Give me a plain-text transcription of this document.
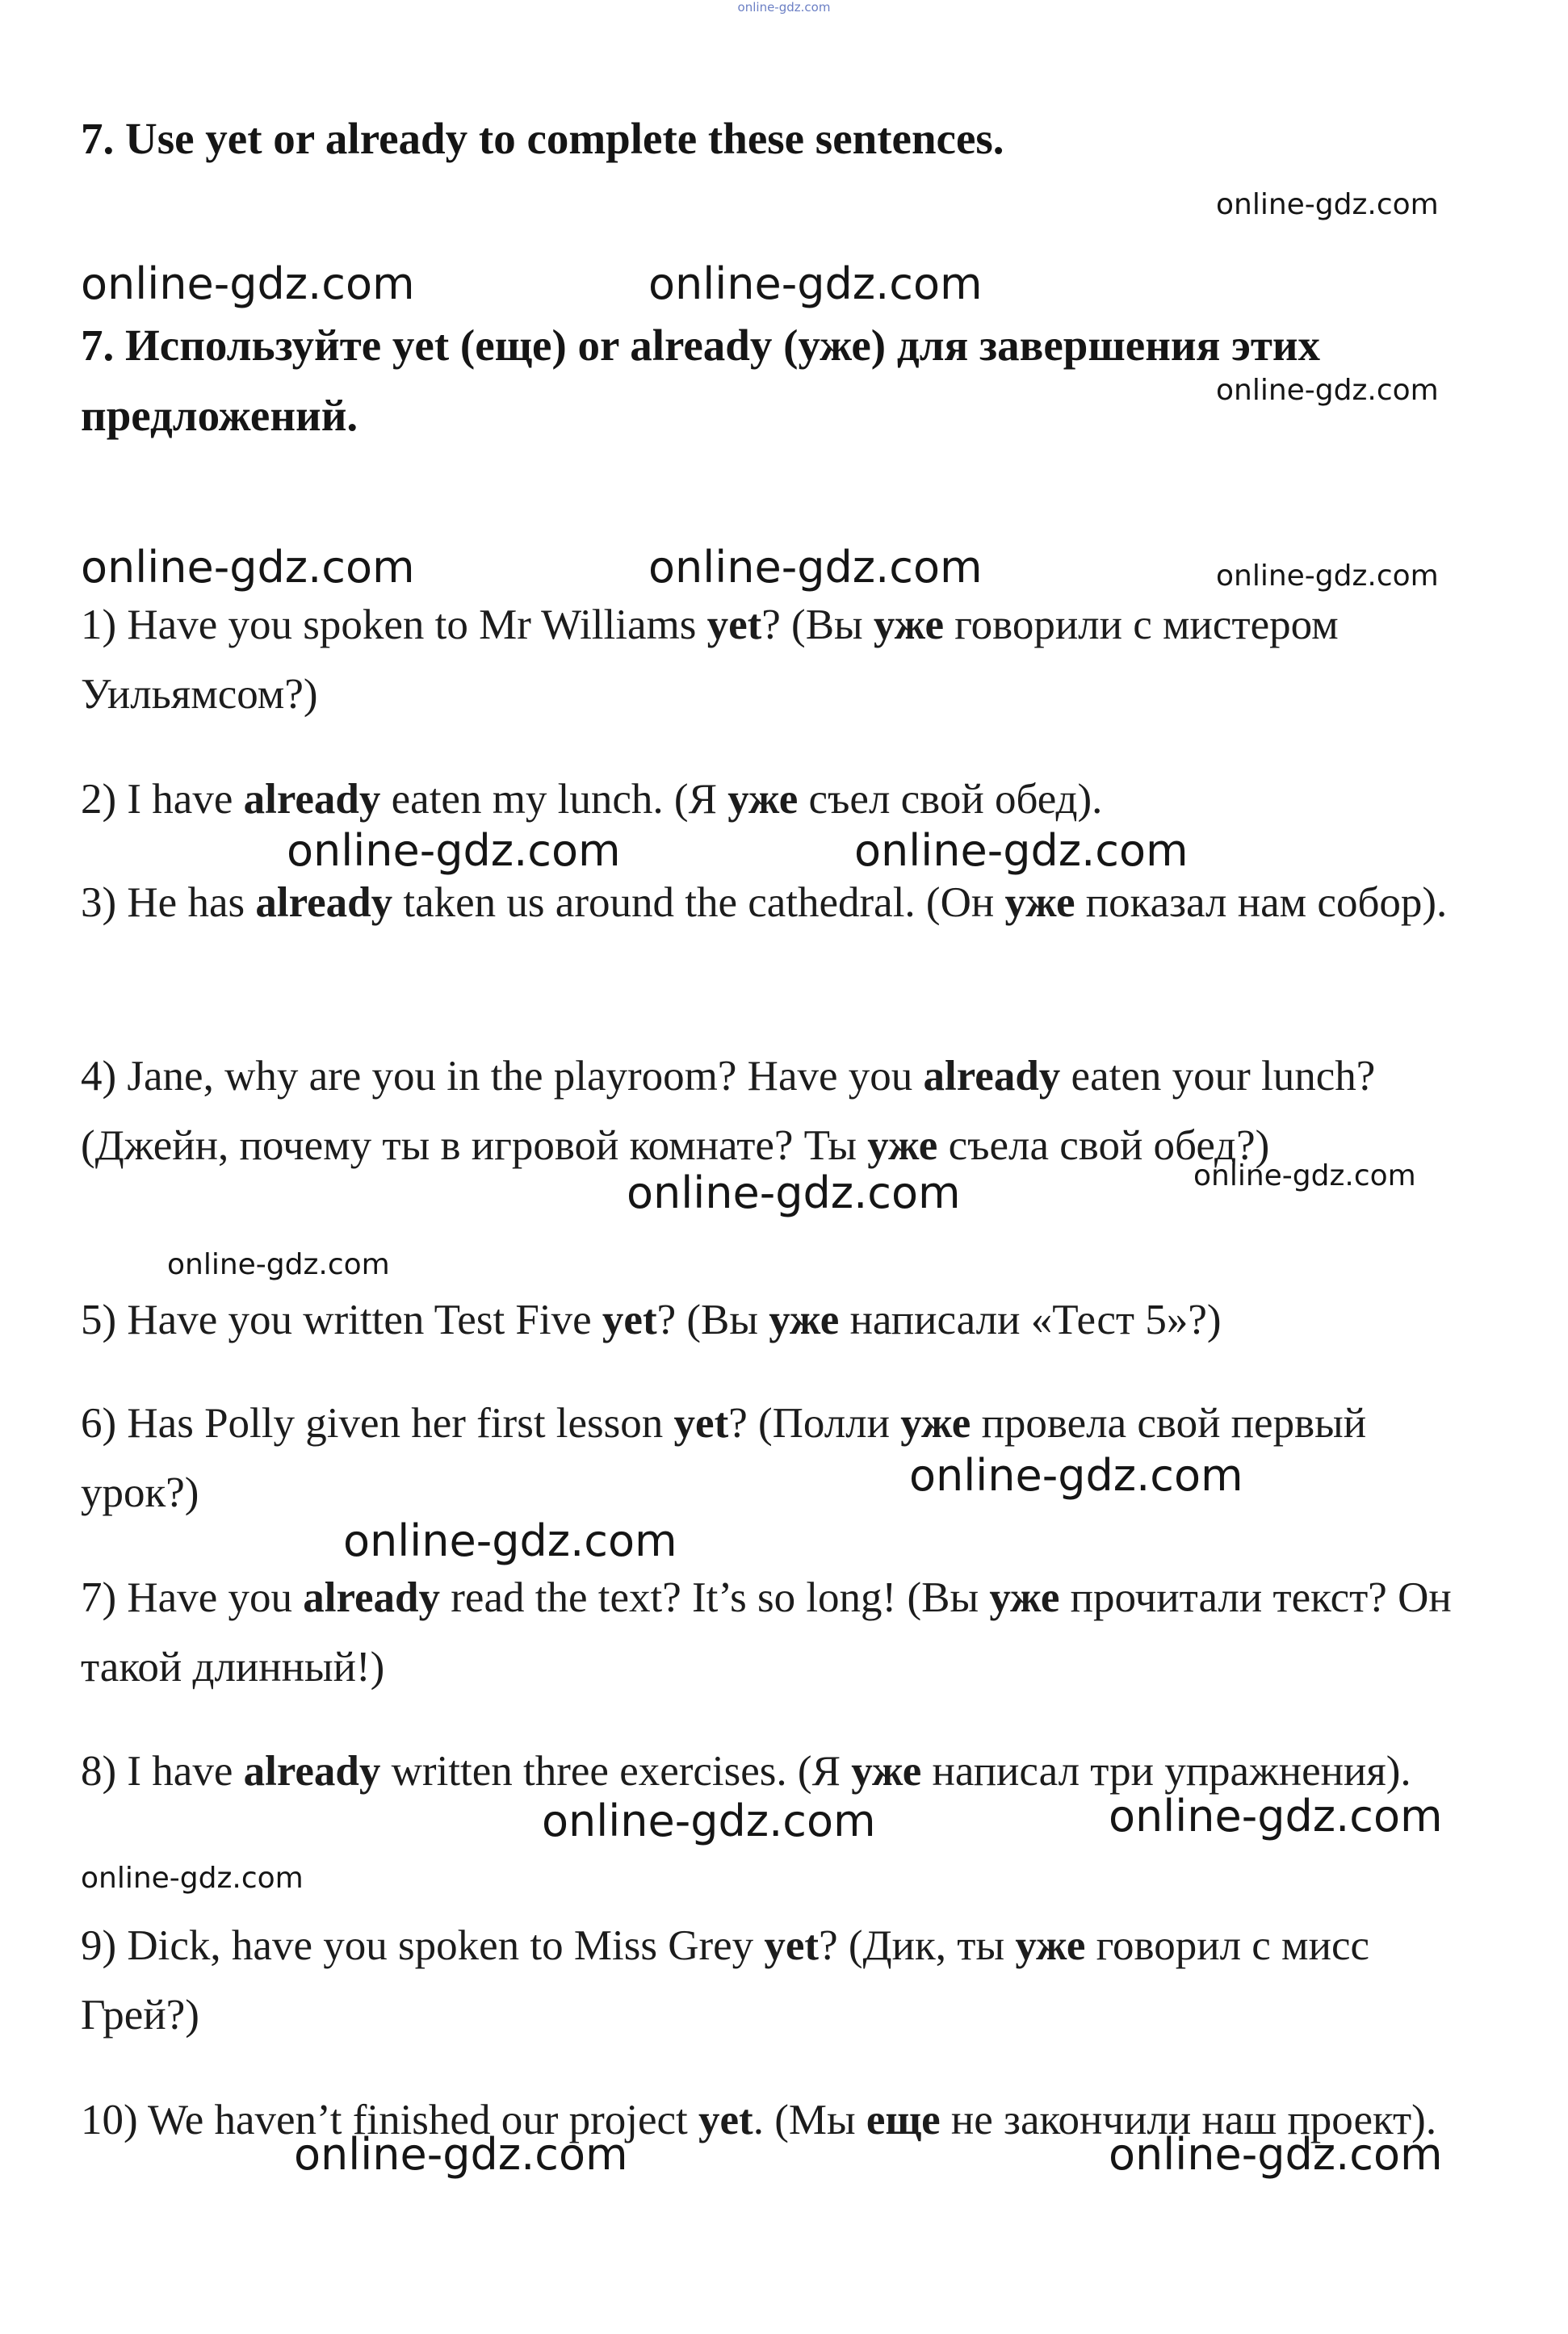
online-gdz.com
7. Use yet or already to complete these sentences.
7. Используйте yet (еще) or already (уже) для завершения этих
предложений.
1) Have you spoken to Mr Williams yet? (Вы уже говорили с мистером Уильямсом?)
2) I have already eaten my lunch. (Я уже съел свой обед).
3) He has already taken us around the cathedral. (Он уже показал нам собор).
4) Jane, why are you in the playroom? Have you already eaten your lunch? (Джейн, почему ты в игровой комнате? Ты уже съела свой обед?)
5) Have you written Test Five yet? (Вы уже написали «Тест 5»?)
6) Has Polly given her first lesson yet? (Полли уже провела свой первый урок?)
7) Have you already read the text? It’s so long! (Вы уже прочитали текст? Он такой длинный!)
8) I have already written three exercises. (Я уже написал три упражнения).
9) Dick, have you spoken to Miss Grey yet? (Дик, ты уже говорил с мисс Грей?)
10) We haven’t finished our project yet. (Мы еще не закончили наш проект).
online-gdz.com
online-gdz.com	online-gdz.com
online-gdz.com
online-gdz.com	online-gdz.com	online-gdz.com
online-gdz.com	online-gdz.com
online-gdz.com	online-gdz.com
online-gdz.com
online-gdz.com
online-gdz.com
online-gdz.com	online-gdz.com
online-gdz.com
online-gdz.com	online-gdz.com
